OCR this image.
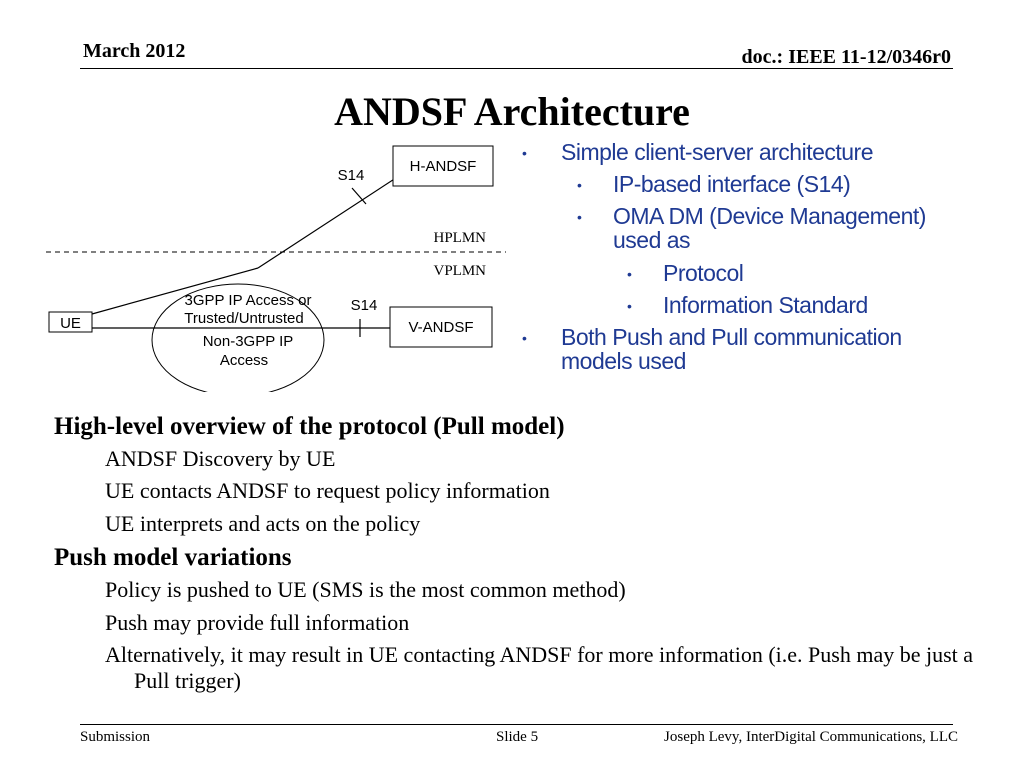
March 2012	doc.: IEEE 11-12/0346r0
ANDSF Architecture
UE
H-ANDSF
V-ANDSF
S14
S14
HPLMN
VPLMN
3GPP IP Access or
Trusted/Untrusted
Non-3GPP IP
Access
• Simple client-server architecture
• IP-based interface (S14)
• OMA DM (Device Management) used as
• Protocol
• Information Standard
• Both Push and Pull communication models used
High-level overview of the protocol (Pull model)
ANDSF Discovery by UE
UE contacts ANDSF to request policy information
UE interprets and acts on the policy
Push model variations
Policy is pushed to UE (SMS is the most common method)
Push may provide full information
Alternatively, it may result in UE contacting ANDSF for more information (i.e. Push may be just a Pull trigger)
Submission	Slide 5	Joseph Levy, InterDigital Communications, LLC
